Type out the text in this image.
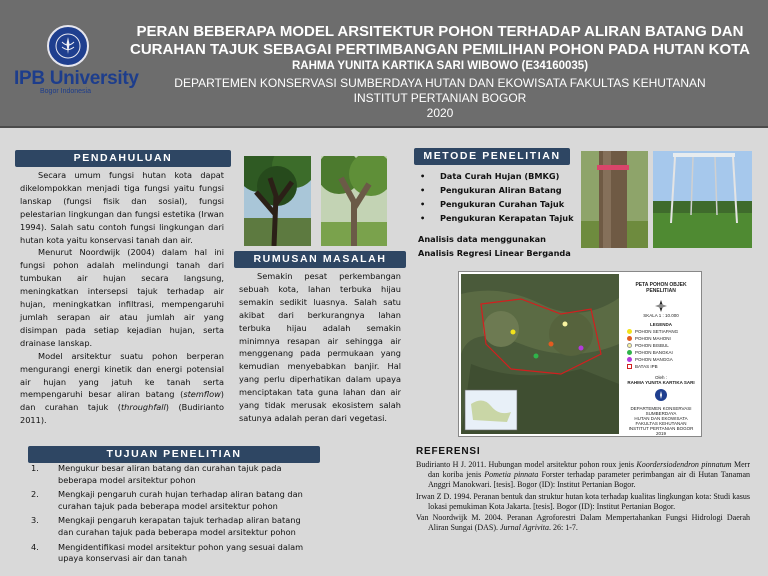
IPB University
Bogor Indonesia
PERAN BEBERAPA MODEL ARSITEKTUR POHON TERHADAP ALIRAN BATANG DAN CURAHAN TAJUK SEBAGAI PERTIMBANGAN PEMILIHAN POHON PADA HUTAN KOTA
RAHMA YUNITA KARTIKA SARI WIBOWO (E34160035)
DEPARTEMEN KONSERVASI SUMBERDAYA HUTAN DAN EKOWISATA FAKULTAS KEHUTANAN
INSTITUT PERTANIAN BOGOR
2020
PENDAHULUAN

Secara umum fungsi hutan kota dapat dikelompokkan menjadi tiga fungsi yaitu fungsi lanskap (fungsi fisik dan sosial), fungsi pelestarian lingkungan dan fungsi estetika (Irwan 1994). Salah satu contoh fungsi lingkungan dari hutan kota yaitu konservasi tanah dan air.

Menurut Noordwijk (2004) dalam hal ini fungsi pohon adalah melindungi tanah dari tumbukan air hujan secara langsung, meningkatkan intersepsi tajuk terhadap air hujan, meningkatkan infiltrasi, mempengaruhi jumlah serapan air atau jumlah air yang disimpan pada setiap kejadian hujan, serta drainase lanskap.

Model arsitektur suatu pohon berperan mengurangi energi kinetik dan energi potensial air hujan yang jatuh ke tanah serta mempengaruhi besar aliran batang (stemflow) dan curahan tajuk (throughfall) (Budirianto 2011).

RUMUSAN MASALAH

Semakin pesat perkembangan sebuah kota, lahan terbuka hijau semakin sedikit luasnya. Salah satu akibat dari berkurangnya lahan terbuka hijau adalah semakin minimnya resapan air sehingga air menggenang pada permukaan yang kemudian menyebabkan banjir. Hal yang perlu diperhatikan dalam upaya menciptakan tata guna lahan dan air yang tidak merusak ekosistem salah satunya adalah peran dari vegetasi.

METODE PENELITIAN
• Data Curah Hujan (BMKG)
• Pengukuran Aliran Batang
• Pengukuran Curahan Tajuk
• Pengukuran Kerapatan Tajuk
Analisis data menggunakan
Analisis Regresi Linear Berganda
PETA POHON OBJEK PENELITIAN
SKALA 1 : 10.000
LEGENDA
POHON SETIAPANG
POHON MAHONI
POHON BISBUL
POHON BANGKAI
POHON MANGGA
BATAS IPB
Oleh :
RAHMA YUNITA KARTIKA SARI
DEPARTEMEN KONSERVASI SUMBERDAYA
HUTAN DAN EKOWISATA
FAKULTAS KEHUTANAN
INSTITUT PERTANIAN BOGOR
2019
TUJUAN PENELITIAN
1. Mengukur besar aliran batang dan curahan tajuk pada beberapa model arsitektur pohon
2. Mengkaji pengaruh curah hujan terhadap aliran batang dan curahan tajuk pada beberapa model arsitektur pohon
3. Mengkaji pengaruh kerapatan tajuk terhadap aliran batang dan curahan tajuk pada beberapa model arsitektur pohon
4. Mengidentifikasi model arsitektur pohon yang sesuai dalam upaya konservasi air dan tanah
REFERENSI

Budirianto H J. 2011. Hubungan model arsitektur pohon roux jenis Koordersiodendron pinnatum Merr dan koriba jenis Pometia pinnata Forster terhadap parameter perimbangan air di Hutan Tanaman Anggri Manokwari. [tesis]. Bogor (ID): Institut Pertanian Bogor.

Irwan Z D. 1994. Peranan bentuk dan struktur hutan kota terhadap kualitas lingkungan kota: Studi kasus lokasi pemukiman Kota Jakarta. [tesis]. Bogor (ID): Institut Pertanian Bogor.

Van Noordwijk M. 2004. Peranan Agroforestri Dalam Mempertahankan Fungsi Hidrologi Daerah Aliran Sungai (DAS). Jurnal Agrivita. 26: 1-7.
